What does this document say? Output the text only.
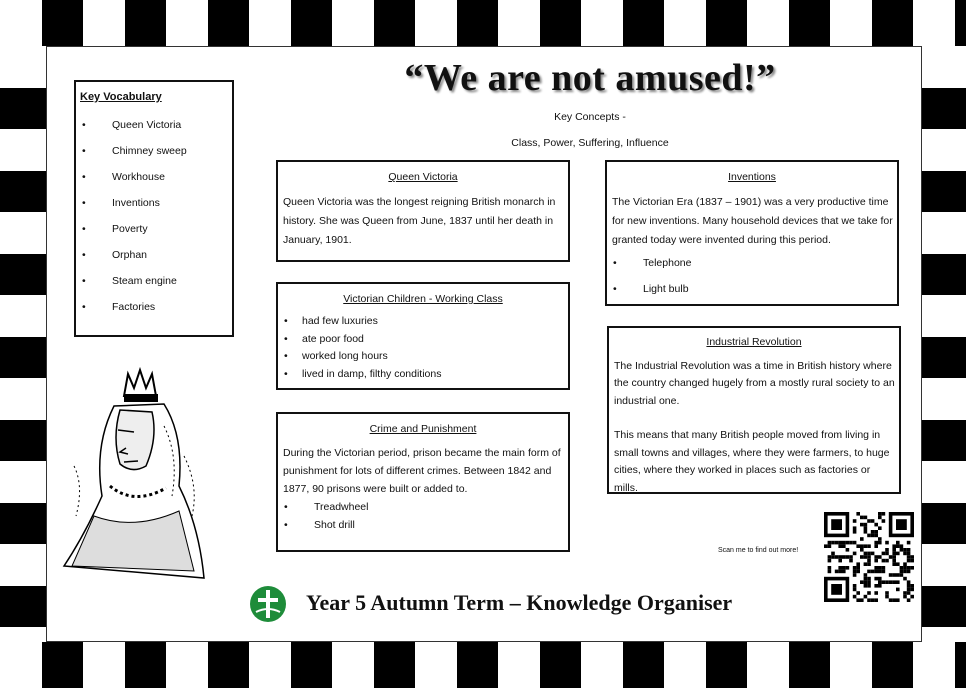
“We are not amused!”
Key Concepts -
Class, Power, Suffering, Influence
Key Vocabulary
• Queen Victoria
• Chimney sweep
• Workhouse
• Inventions
• Poverty
• Orphan
• Steam engine
• Factories
Queen Victoria
Queen Victoria was the longest reigning British monarch in history. She was Queen from June, 1837 until her death in January, 1901.
Victorian Children - Working Class
• had few luxuries
• ate poor food
• worked long hours
• lived in damp, filthy conditions
Crime and Punishment
During the Victorian period, prison became the main form of punishment for lots of different crimes. Between 1842 and 1877, 90 prisons were built or added to.
• Treadwheel
• Shot drill
Inventions
The Victorian Era (1837 – 1901) was a very productive time for new inventions. Many household devices that we take for granted today were invented during this period.
• Telephone
• Light bulb
Industrial Revolution
The Industrial Revolution was a time in British history where the country changed hugely from a mostly rural society to an industrial one.
This means that many British people moved from living in small towns and villages, where they were farmers, to huge cities, where they worked in places such as factories or mills.
Year 5 Autumn Term – Knowledge Organiser
Scan me to find out more!
